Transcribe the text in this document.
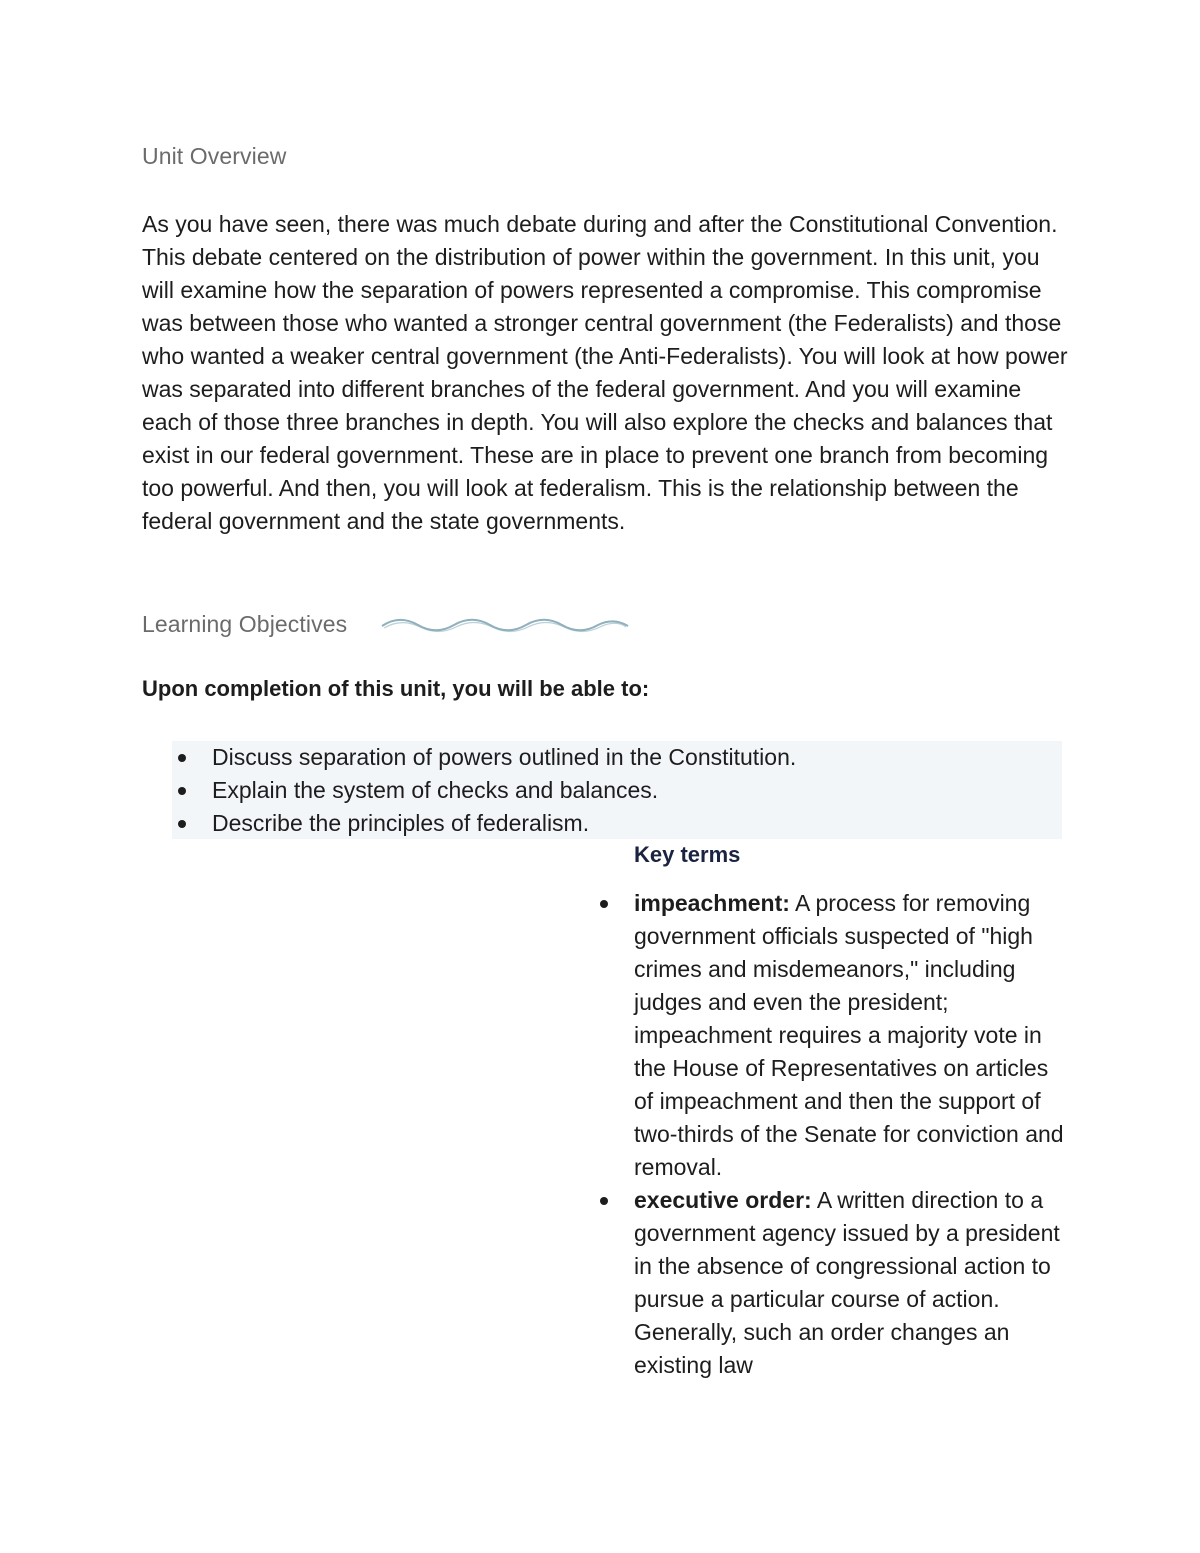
Unit Overview

As you have seen, there was much debate during and after the Constitutional Convention. This debate centered on the distribution of power within the government. In this unit, you will examine how the separation of powers represented a compromise. This compromise was between those who wanted a stronger central government (the Federalists) and those who wanted a weaker central government (the Anti-Federalists). You will look at how power was separated into different branches of the federal government. And you will examine each of those three branches in depth. You will also explore the checks and balances that exist in our federal government. These are in place to prevent one branch from becoming too powerful. And then, you will look at federalism. This is the relationship between the federal government and the state governments.

Learning Objectives
Upon completion of this unit, you will be able to:
Discuss separation of powers outlined in the Constitution.
Explain the system of checks and balances.
Describe the principles of federalism.
Key terms
impeachment: A process for removing government officials suspected of "high crimes and misdemeanors," including judges and even the president; impeachment requires a majority vote in the House of Representatives on articles of impeachment and then the support of two-thirds of the Senate for conviction and removal.
executive order: A written direction to a government agency issued by a president in the absence of congressional action to pursue a particular course of action. Generally, such an order changes an existing law
